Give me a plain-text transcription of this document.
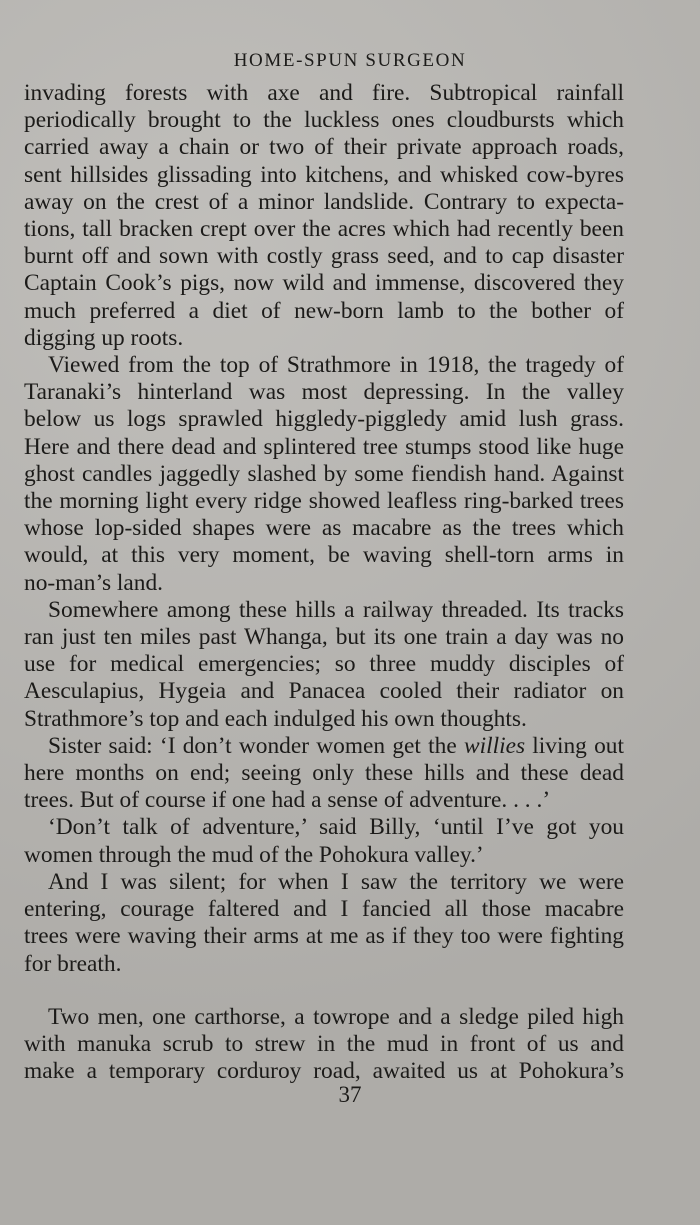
HOME-SPUN SURGEON
invading forests with axe and fire. Subtropical rainfall
periodically brought to the luckless ones cloudbursts which
carried away a chain or two of their private approach roads,
sent hillsides glissading into kitchens, and whisked cow-byres
away on the crest of a minor landslide. Contrary to expecta-
tions, tall bracken crept over the acres which had recently been
burnt off and sown with costly grass seed, and to cap disaster
Captain Cook’s pigs, now wild and immense, discovered they
much preferred a diet of new-born lamb to the bother of
digging up roots.
Viewed from the top of Strathmore in 1918, the tragedy of
Taranaki’s hinterland was most depressing. In the valley
below us logs sprawled higgledy-piggledy amid lush grass.
Here and there dead and splintered tree stumps stood like huge
ghost candles jaggedly slashed by some fiendish hand. Against
the morning light every ridge showed leafless ring-barked trees
whose lop-sided shapes were as macabre as the trees which
would, at this very moment, be waving shell-torn arms in
no-man’s land.
Somewhere among these hills a railway threaded. Its tracks
ran just ten miles past Whanga, but its one train a day was no
use for medical emergencies; so three muddy disciples of
Aesculapius, Hygeia and Panacea cooled their radiator on
Strathmore’s top and each indulged his own thoughts.
Sister said: ‘I don’t wonder women get the willies living out
here months on end; seeing only these hills and these dead
trees. But of course if one had a sense of adventure. . . .’
‘Don’t talk of adventure,’ said Billy, ‘until I’ve got you
women through the mud of the Pohokura valley.’
And I was silent; for when I saw the territory we were
entering, courage faltered and I fancied all those macabre
trees were waving their arms at me as if they too were fighting
for breath.
Two men, one carthorse, a towrope and a sledge piled high
with manuka scrub to strew in the mud in front of us and
make a temporary corduroy road, awaited us at Pohokura’s
37
